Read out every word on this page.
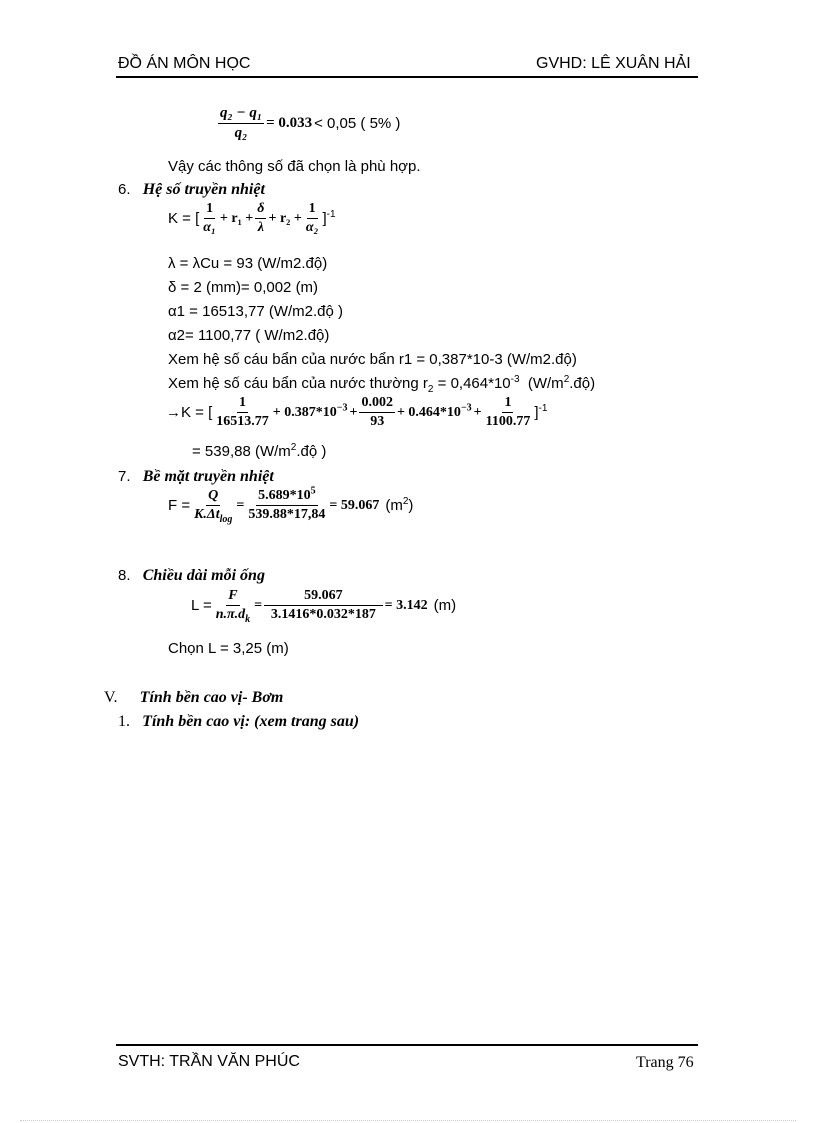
ĐỒ ÁN MÔN HỌC	GVHD: LÊ XUÂN HẢI
$\frac{\text{q₂ − q₁}}{\text{q₂}} = 0.033 < 0,05$ ( 5% )
Vậy các thông số đã chọn là phù hợp.
6. Hệ số truyền nhiệt
K = [ $\frac{1}{\text{α₁}} + r_1 + \frac{\delta}{\lambda} + r_2 + \frac{1}{\text{α₂}} ]^{-1}$
λ = λCu = 93 (W/m2.độ)
δ = 2 (mm)= 0,002 (m)
α1 = 16513,77 (W/m2.độ )
α2= 1100,77 ( W/m2.độ)
Xem hệ số cáu bẩn của nước bẩn r1 = 0,387*10-3 (W/m2.độ)
Xem hệ số cáu bẩn của nước thường $r_2 = 0,464*10^{-3}$  $(W/m^2.độ)$
→K = [ $\frac{1}{16513.77} + 0.387*10^{-3} + \frac{0.002}{93} + 0.464*10^{-3} + \frac{1}{1100.77} ]^{-1}$
= 539,88 ($W/m^2.độ$ )
7. Bề mặt truyền nhiệt
$F = \frac{Q}{K.\Delta t_{log}} = \frac{5.689*10^5}{539.88*17,84} = 59.067$ $(m^2)$
8. Chiều dài mỗi ống
$L = \frac{F}{n.\pi.d_k} = \frac{59.067}{3.1416*0.032*187} = 3.142$ (m)
Chọn L = 3,25 (m)
V. Tính bền cao vị- Bơm
1. Tính bền cao vị: (xem trang sau)
SVTH: TRẦN VĂN PHÚC	Trang 76
